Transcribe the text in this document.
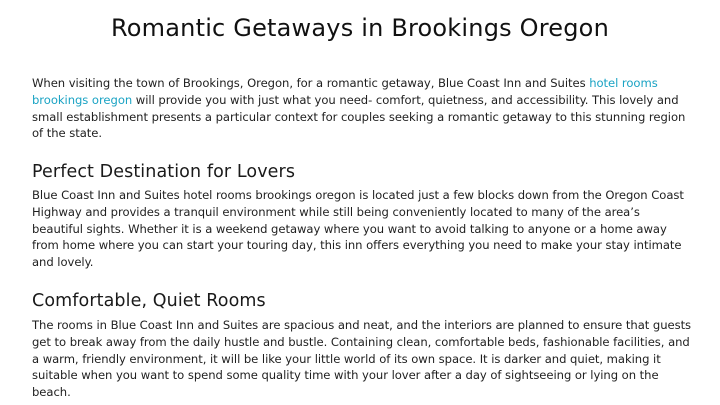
Romantic Getaways in Brookings Oregon

When visiting the town of Brookings, Oregon, for a romantic getaway, Blue Coast Inn and Suites hotel rooms brookings oregon will provide you with just what you need- comfort, quietness, and accessibility. This lovely and small establishment presents a particular context for couples seeking a romantic getaway to this stunning region of the state.

Perfect Destination for Lovers

Blue Coast Inn and Suites hotel rooms brookings oregon is located just a few blocks down from the Oregon Coast Highway and provides a tranquil environment while still being conveniently located to many of the area’s beautiful sights. Whether it is a weekend getaway where you want to avoid talking to anyone or a home away from home where you can start your touring day, this inn offers everything you need to make your stay intimate and lovely.

Comfortable, Quiet Rooms

The rooms in Blue Coast Inn and Suites are spacious and neat, and the interiors are planned to ensure that guests get to break away from the daily hustle and bustle. Containing clean, comfortable beds, fashionable facilities, and a warm, friendly environment, it will be like your little world of its own space. It is darker and quiet, making it suitable when you want to spend some quality time with your lover after a day of sightseeing or lying on the beach.
